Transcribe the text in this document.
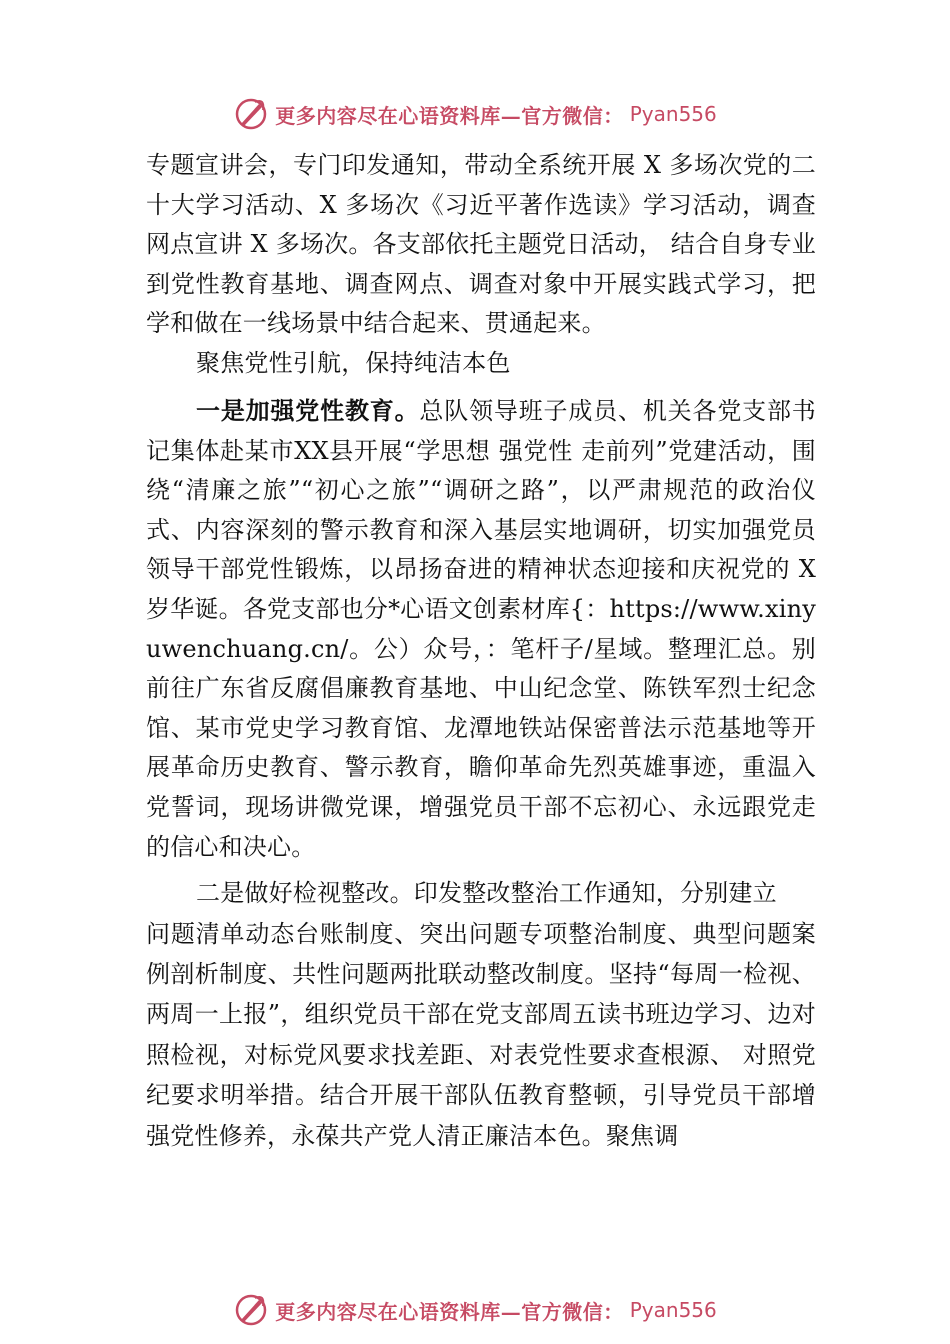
更多内容尽在心语资料库—官方微信： Pyan556

专题宣讲会，专门印发通知，带动全系统开展 X 多场次党的二十大学习活动、X 多场次《习近平著作选读》学习活动，调查网点宣讲 X 多场次。各支部依托主题党日活动， 结合自身专业到党性教育基地、调查网点、调查对象中开展实践式学习，把学和做在一线场景中结合起来、贯通起来。

聚焦党性引航，保持纯洁本色

一是加强党性教育。总队领导班子成员、机关各党支部书记集体赴某市XX县开展“学思想 强党性 走前列”党建活动，围绕“清廉之旅”“初心之旅”“调研之路”，以严肃规范的政治仪式、内容深刻的警示教育和深入基层实地调研，切实加强党员领导干部党性锻炼，以昂扬奋进的精神状态迎接和庆祝党的 X 岁华诞。各党支部也分*心语文创素材库{：https://www.xinyuwenchuang.cn/。公）众号，：笔杆子/星域。整理汇总。别前往广东省反腐倡廉教育基地、中山纪念堂、陈铁军烈士纪念馆、某市党史学习教育馆、龙潭地铁站保密普法示范基地等开展革命历史教育、警示教育，瞻仰革命先烈英雄事迹，重温入党誓词，现场讲微党课，增强党员干部不忘初心、永远跟党走的信心和决心。

二是做好检视整改。印发整改整治工作通知，分别建立

问题清单动态台账制度、突出问题专项整治制度、典型问题案例剖析制度、共性问题两批联动整改制度。坚持“每周一检视、两周一上报”，组织党员干部在党支部周五读书班边学习、边对照检视，对标党风要求找差距、对表党性要求查根源、 对照党纪要求明举措。结合开展干部队伍教育整顿，引导党员干部增强党性修养，永葆共产党人清正廉洁本色。聚焦调

更多内容尽在心语资料库—官方微信： Pyan556
